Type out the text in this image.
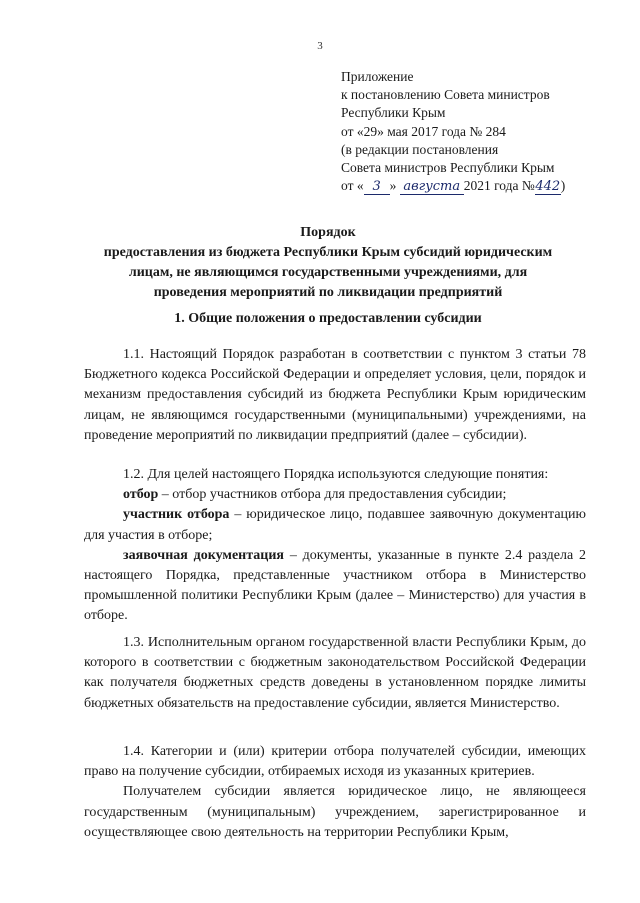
3
Приложение
к постановлению Совета министров
Республики Крым
от «29» мая 2017 года № 284
(в редакции постановления
Совета министров Республики Крым
от « 3 » августа 2021 года №442)
Порядок
предоставления из бюджета Республики Крым субсидий юридическим
лицам, не являющимся государственными учреждениями, для
проведения мероприятий по ликвидации предприятий
1. Общие положения о предоставлении субсидии

1.1. Настоящий Порядок разработан в соответствии с пунктом 3 статьи 78 Бюджетного кодекса Российской Федерации и определяет условия, цели, порядок и механизм предоставления субсидий из бюджета Республики Крым юридическим лицам, не являющимся государственными (муниципальными) учреждениями, на проведение мероприятий по ликвидации предприятий (далее – субсидии).

1.2. Для целей настоящего Порядка используются следующие понятия:

отбор – отбор участников отбора для предоставления субсидии;

участник отбора – юридическое лицо, подавшее заявочную документацию для участия в отборе;

заявочная документация – документы, указанные в пункте 2.4 раздела 2 настоящего Порядка, представленные участником отбора в Министерство промышленной политики Республики Крым (далее – Министерство) для участия в отборе.

1.3. Исполнительным органом государственной власти Республики Крым, до которого в соответствии с бюджетным законодательством Российской Федерации как получателя бюджетных средств доведены в установленном порядке лимиты бюджетных обязательств на предоставление субсидии, является Министерство.

1.4. Категории и (или) критерии отбора получателей субсидии, имеющих право на получение субсидии, отбираемых исходя из указанных критериев.

Получателем субсидии является юридическое лицо, не являющееся государственным (муниципальным) учреждением, зарегистрированное и осуществляющее свою деятельность на территории Республики Крым,
